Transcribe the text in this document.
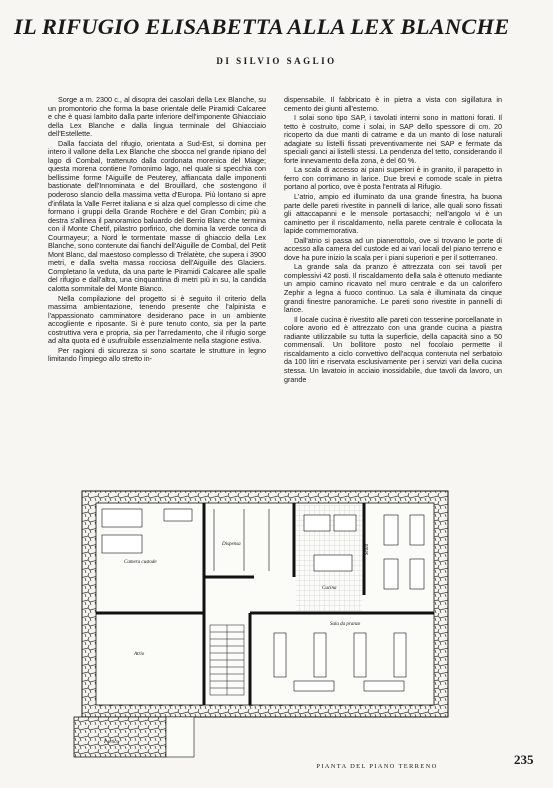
IL RIFUGIO ELISABETTA ALLA LEX BLANCHE
DI SILVIO SAGLIO

Sorge a m. 2300 c., al disopra dei casolari della Lex Blanche, su un promontorio che forma la base orientale delle Piramidi Calcaree e che è quasi lambito dalla parte inferiore dell'imponente Ghiacciaio della Lex Blanche e dalla lingua terminale del Ghiacciaio dell'Estellette.

Dalla facciata del rifugio, orientata a Sud-Est, si domina per intero il vallone della Lex Blanche che sbocca nel grande ripiano del lago di Combal, trattenuto dalla cordonata morenica del Miage; questa morena contiene l'omonimo lago, nel quale si specchia con bellissime forme l'Aiguille de Peuterey, affiancata dalle imponenti bastionate dell'Innominata e del Brouillard, che sostengono il poderoso slancio della massima vetta d'Europa. Più lontano si apre d'infilata la Valle Ferret italiana e si alza quel complesso di cime che formano i gruppi della Grande Rochère e del Gran Combin; più a destra s'allinea il panoramico baluardo del Berrio Blanc che termina con il Monte Chetif, pilastro porfirico, che domina la verde conca di Courmayeur; a Nord le tormentate masse di ghiaccio della Lex Blanche, sono contenute dai fianchi dell'Aiguille de Combal, del Petit Mont Blanc, dal maestoso complesso di Trélatète, che supera i 3900 metri, e dalla svelta massa rocciosa dell'Aiguille des Glaciers. Completano la veduta, da una parte le Piramidi Calcaree alle spalle del rifugio e dall'altra, una cinquantina di metri più in su, la candida calotta sommitale del Monte Bianco.

Nella compilazione del progetto si è seguito il criterio della massima ambientazione, tenendo presente che l'alpinista e l'appassionato camminatore desiderano pace in un ambiente accogliente e riposante. Si è pure tenuto conto, sia per la parte costruttiva vera e propria, sia per l'arredamento, che il rifugio sorge ad alta quota ed è usufruibile essenzialmente nella stagione estiva.

Per ragioni di sicurezza si sono scartate le strutture in legno limitando l'impiego allo stretto in-

dispensabile. Il fabbricato è in pietra a vista con sigillatura in cemento dei giunti all'esterno.

I solai sono tipo SAP, i tavolati interni sono in mattoni forati. Il tetto è costruito, come i solai, in SAP dello spessore di cm. 20 ricoperto da due manti di catrame e da un manto di lose naturali adagiate su listelli fissati preventivamente nei SAP e fermate da speciali ganci ai listelli stessi. La pendenza del tetto, considerando il forte innevamento della zona, è del 60 %.

La scala di accesso ai piani superiori è in granito, il parapetto in ferro con corrimano in larice. Due brevi e comode scale in pietra portano al portico, ove è posta l'entrata al Rifugio.

L'atrio, ampio ed illuminato da una grande finestra, ha buona parte delle pareti rivestite in pannelli di larice, alle quali sono fissati gli attaccapanni e le mensole portasacchi; nell'angolo vi è un caminetto per il riscaldamento, nella parete centrale è collocata la lapide commemorativa.

Dall'atrio si passa ad un pianerottolo, ove si trovano le porte di accesso alla camera del custode ed ai vari locali del piano terreno e dove ha pure inizio la scala per i piani superiori e per il sotterraneo.

La grande sala da pranzo è attrezzata con sei tavoli per complessivi 42 posti. Il riscaldamento della sala è ottenuto mediante un ampio camino ricavato nel muro centrale e da un calorifero Zephir a legna a fuoco continuo. La sala è illuminata da cinque grandi finestre panoramiche. Le pareti sono rivestite in pannelli di larice.

Il locale cucina è rivestito alle pareti con tesserine porcellanate in colore avorio ed è attrezzato con una grande cucina a piastra radiante utilizzabile su tutta la superficie, della capacità sino a 50 commensali. Un bollitore posto nel focolaio permette il riscaldamento a ciclo convettivo dell'acqua contenuta nel serbatoio da 100 litri e riservata esclusivamente per i servizi vari della cucina stessa. Un lavatoio in acciaio inossidabile, due tavoli da lavoro, un grande

Camera custode
Dispensa
Cucina
Sala da pranzo
Atrio
Portico
Scala
PIANTA DEL PIANO TERRENO	235
